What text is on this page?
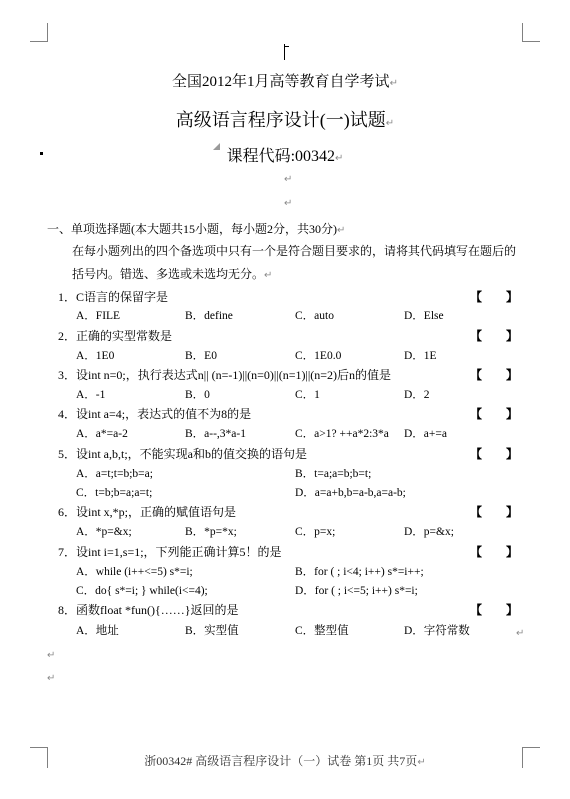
全国2012年1月高等教育自学考试↵
高级语言程序设计(一)试题↵
课程代码:00342↵
↵
↵
一、单项选择题(本大题共15小题，每小题2分，共30分)↵
在每小题列出的四个备选项中只有一个是符合题目要求的，请将其代码填写在题后的
括号内。错选、多选或未选均无分。↵
1．C语言的保留字是	【　　】
A．FILE	B．define	C．auto	D．Else
2．正确的实型常数是	【　　】
A．1E0	B．E0	C．1E0.0	D．1E
3．设int n=0;，执行表达式n|| (n=-1)||(n=0)||(n=1)||(n=2)后n的值是	【　　】
A．-1	B．0	C．1	D．2
4．设int a=4;，表达式的值不为8的是	【　　】
A．a*=a-2	B．a--,3*a-1	C．a>1? ++a*2:3*a D．a+=a
5．设int a,b,t;，不能实现a和b的值交换的语句是	【　　】
A．a=t;t=b;b=a;	B．t=a;a=b;b=t;
C．t=b;b=a;a=t;	D．a=a+b,b=a-b,a=a-b;
6．设int x,*p;，正确的赋值语句是	【　　】
A．*p=&x;	B．*p=*x;	C．p=x;	D．p=&x;
7．设int i=1,s=1;，下列能正确计算5！的是	【　　】
A．while (i++<=5) s*=i;	B．for ( ; i<4; i++) s*=i++;
C．do{ s*=i; } while(i<=4);	D．for ( ; i<=5; i++) s*=i;
8．函数float *fun(){……}返回的是	【　　】
A．地址	B．实型值	C．整型值	D．字符常数	↵
↵
↵
浙00342# 高级语言程序设计（一）试卷 第1页 共7页↵
